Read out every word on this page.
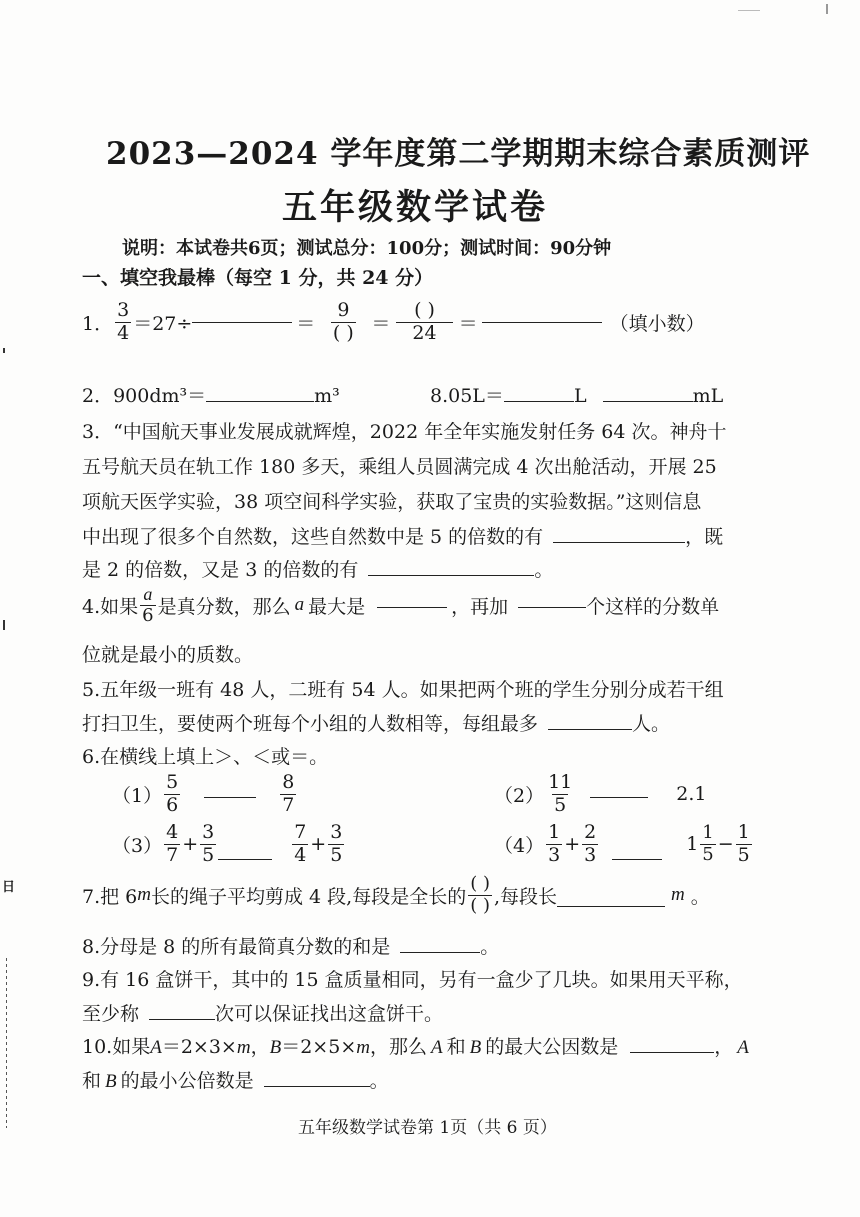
2023—2024 学年度第二学期期末综合素质测评
五年级数学试卷
说明：本试卷共6页；测试总分：100分；测试时间：90分钟
一、填空我最棒（每空 1 分，共 24 分）
1． $\frac{3}{4} =27\div$	＝ $\frac{9}{( )} = \frac{( )}{24}$ ＝	（填小数）
2．900dm³＝	m³	8.05L＝	L	mL
3．“中国航天事业发展成就辉煌，2022 年全年实施发射任务 64 次。神舟十
五号航天员在轨工作 180 多天，乘组人员圆满完成 4 次出舱活动，开展 25
项航天医学实验，38 项空间科学实验，获取了宝贵的实验数据。”这则信息
中出现了很多个自然数，这些自然数中是 5 的倍数的有	，既
是 2 的倍数，又是 3 的倍数的有	。
4.如果 $\frac{a}{6}$ 是真分数，那么 a 最大是	，再加	个这样的分数单
位就是最小的质数。
5.五年级一班有 48 人，二班有 54 人。如果把两个班的学生分别分成若干组
打扫卫生，要使两个班每个小组的人数相等，每组最多	人。
6.在横线上填上＞、＜或＝。
$(1) \frac{5}{6}$	$\frac{8}{7}$	$(2) \frac{11}{5}$	2.1
$(3) \frac{4}{7} + \frac{3}{5}$	$\frac{7}{4} + \frac{3}{5}$	$(4) \frac{1}{3} + \frac{2}{3}$	$1 \frac{1}{5} - \frac{1}{5}$
7.把 6 m 长的绳子平均剪成 4 段,每段是全长的 $\frac{( )}{( )}$ ,每段长	m 。
8.分母是 8 的所有最简真分数的和是	。
9.有 16 盒饼干，其中的 15 盒质量相同，另有一盒少了几块。如果用天平称，
至少称	次可以保证找出这盒饼干。
10.如果A＝2×3×m，B＝2×5×m，那么 A 和 B 的最大公因数是	， A
和 B 的最小公倍数是	。
五年级数学试卷第 1页（共 6 页）
日
